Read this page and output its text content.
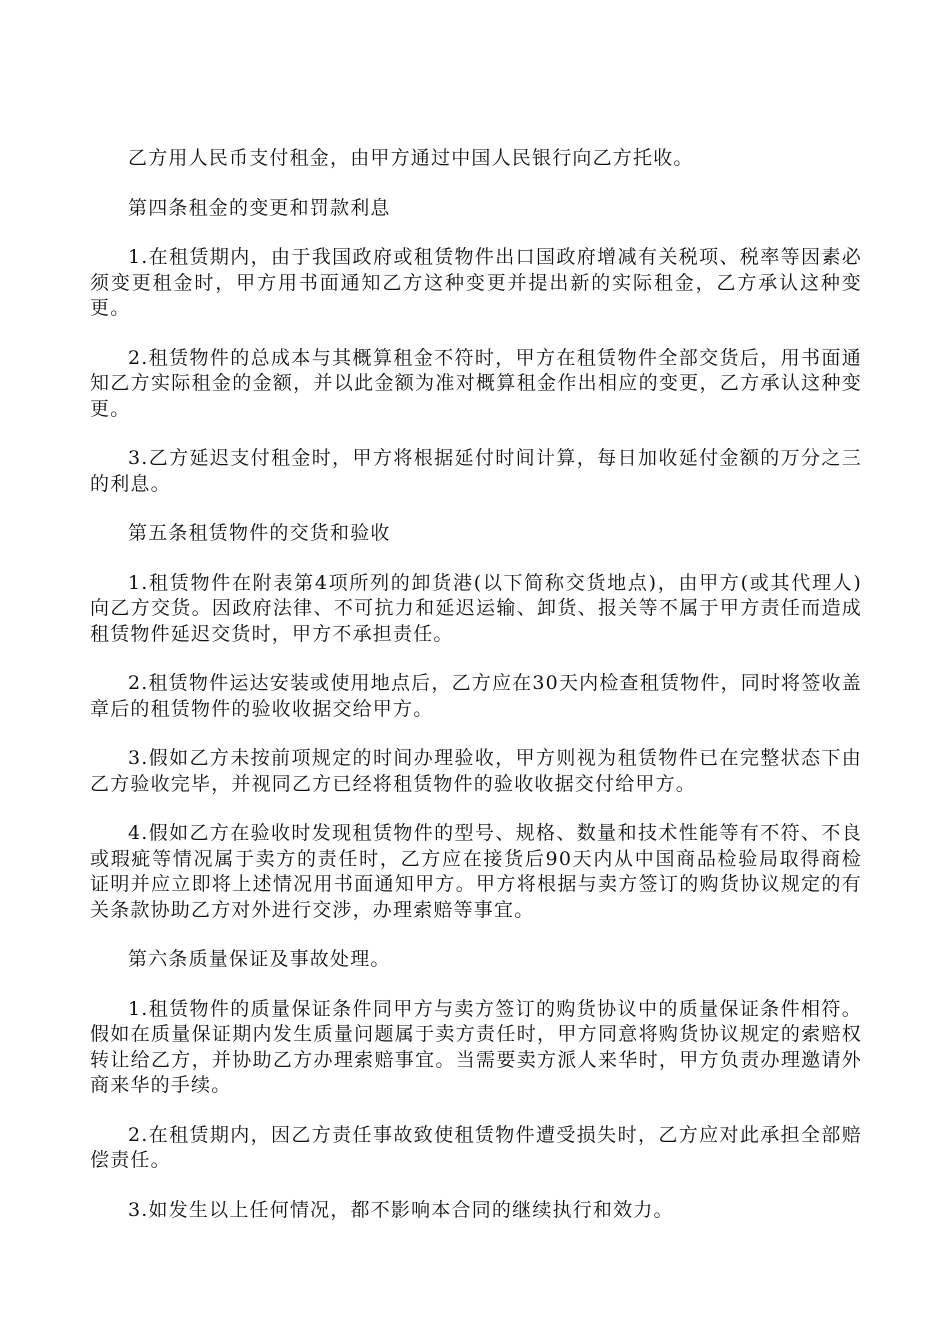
乙方用人民币支付租金，由甲方通过中国人民银行向乙方托收。

第四条租金的变更和罚款利息

1.在租赁期内，由于我国政府或租赁物件出口国政府增减有关税项、税率等因素必须变更租金时，甲方用书面通知乙方这种变更并提出新的实际租金，乙方承认这种变更。

2.租赁物件的总成本与其概算租金不符时，甲方在租赁物件全部交货后，用书面通知乙方实际租金的金额，并以此金额为准对概算租金作出相应的变更，乙方承认这种变更。

3.乙方延迟支付租金时，甲方将根据延付时间计算，每日加收延付金额的万分之三的利息。

第五条租赁物件的交货和验收

1.租赁物件在附表第4项所列的卸货港(以下简称交货地点)，由甲方(或其代理人)向乙方交货。因政府法律、不可抗力和延迟运输、卸货、报关等不属于甲方责任而造成租赁物件延迟交货时，甲方不承担责任。

2.租赁物件运达安装或使用地点后，乙方应在30天内检查租赁物件，同时将签收盖章后的租赁物件的验收收据交给甲方。

3.假如乙方未按前项规定的时间办理验收，甲方则视为租赁物件已在完整状态下由乙方验收完毕，并视同乙方已经将租赁物件的验收收据交付给甲方。

4.假如乙方在验收时发现租赁物件的型号、规格、数量和技术性能等有不符、不良或瑕疵等情况属于卖方的责任时，乙方应在接货后90天内从中国商品检验局取得商检证明并应立即将上述情况用书面通知甲方。甲方将根据与卖方签订的购货协议规定的有关条款协助乙方对外进行交涉，办理索赔等事宜。

第六条质量保证及事故处理。

1.租赁物件的质量保证条件同甲方与卖方签订的购货协议中的质量保证条件相符。假如在质量保证期内发生质量问题属于卖方责任时，甲方同意将购货协议规定的索赔权转让给乙方，并协助乙方办理索赔事宜。当需要卖方派人来华时，甲方负责办理邀请外商来华的手续。

2.在租赁期内，因乙方责任事故致使租赁物件遭受损失时，乙方应对此承担全部赔偿责任。

3.如发生以上任何情况，都不影响本合同的继续执行和效力。
